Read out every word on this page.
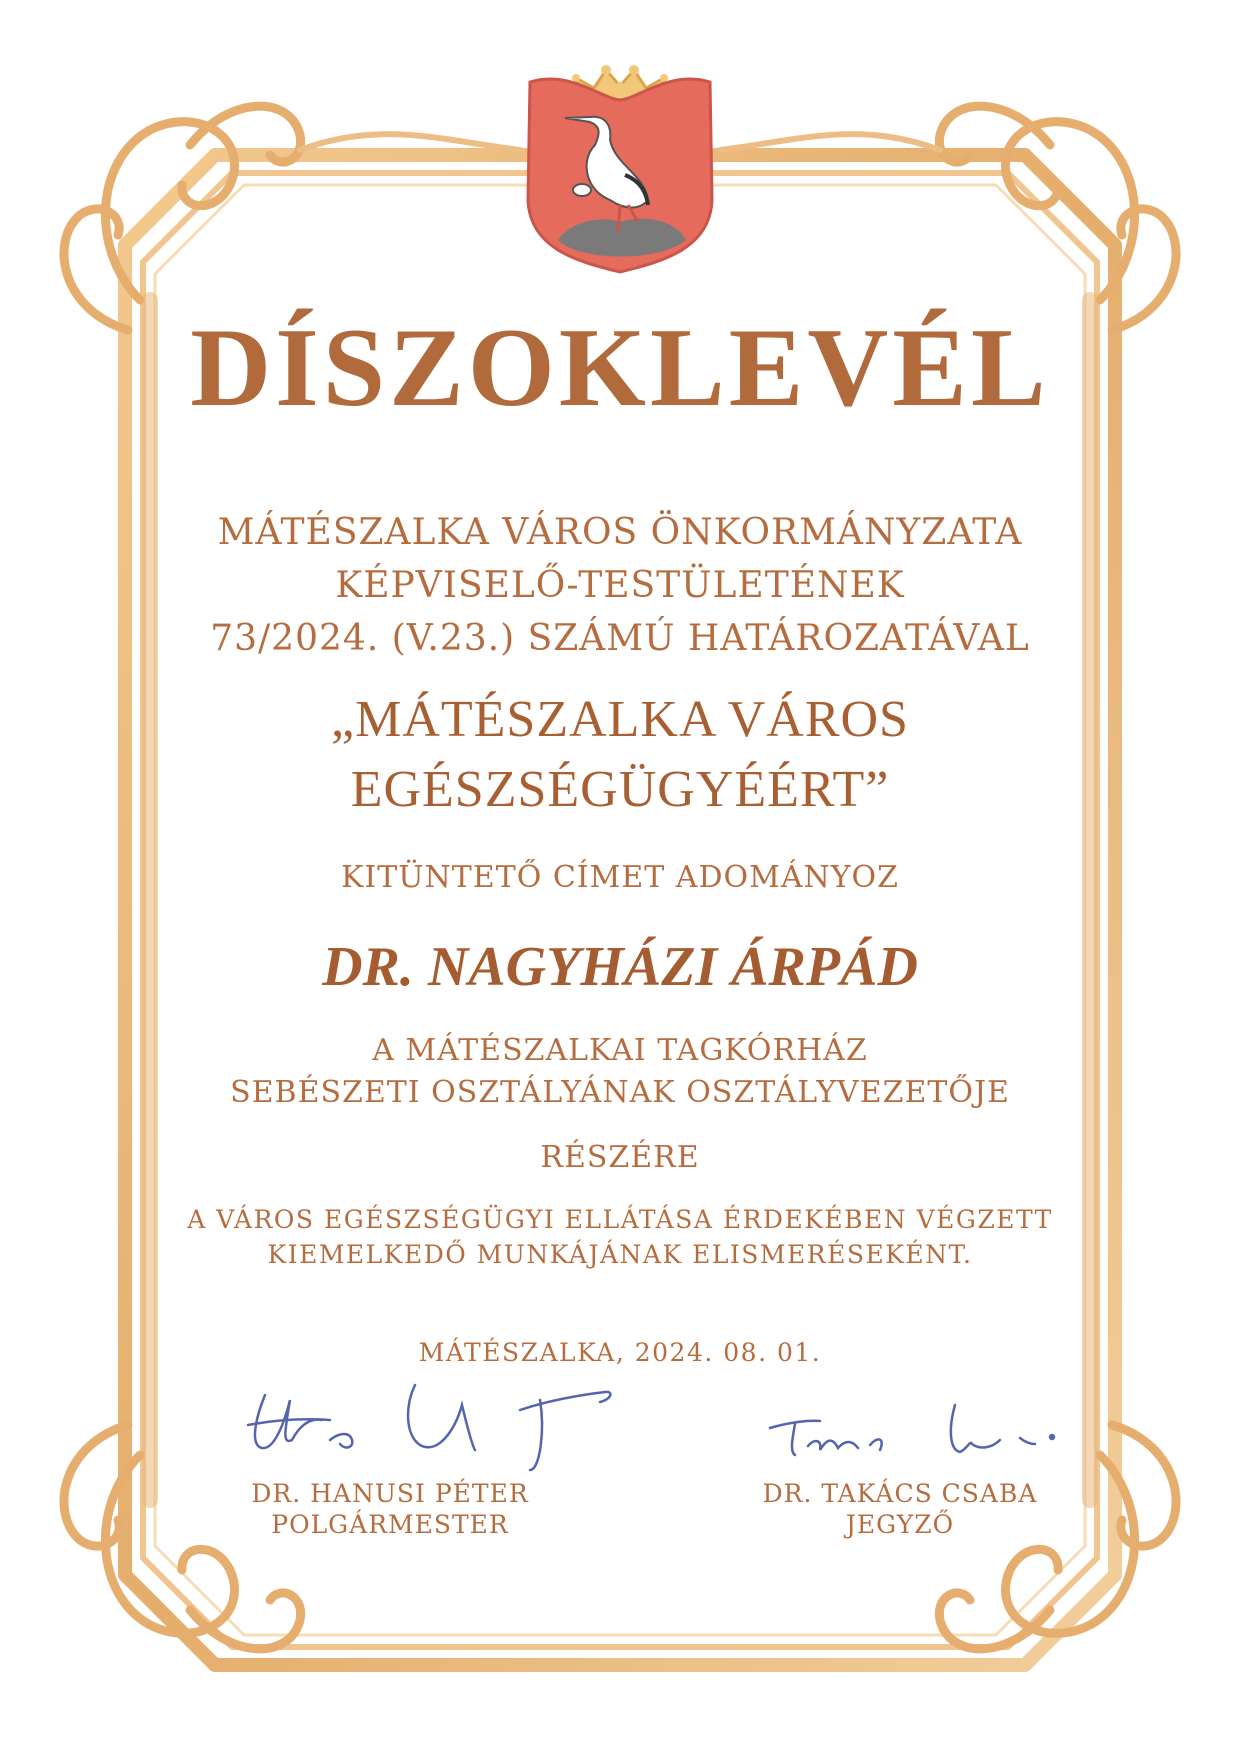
DÍSZOKLEVÉL
MÁTÉSZALKA VÁROS ÖNKORMÁNYZATA
KÉPVISELŐ-TESTÜLETÉNEK
73/2024. (V.23.) SZÁMÚ HATÁROZATÁVAL
„MÁTÉSZALKA VÁROS
EGÉSZSÉGÜGYÉÉRT”
KITÜNTETŐ CÍMET ADOMÁNYOZ
DR. NAGYHÁZI ÁRPÁD
A MÁTÉSZALKAI TAGKÓRHÁZ
SEBÉSZETI OSZTÁLYÁNAK OSZTÁLYVEZETŐJE
RÉSZÉRE
A VÁROS EGÉSZSÉGÜGYI ELLÁTÁSA ÉRDEKÉBEN VÉGZETT
KIEMELKEDŐ MUNKÁJÁNAK ELISMERÉSEKÉNT.
MÁTÉSZALKA, 2024. 08. 01.
DR. HANUSI PÉTER
POLGÁRMESTER
DR. TAKÁCS CSABA
JEGYZŐ
